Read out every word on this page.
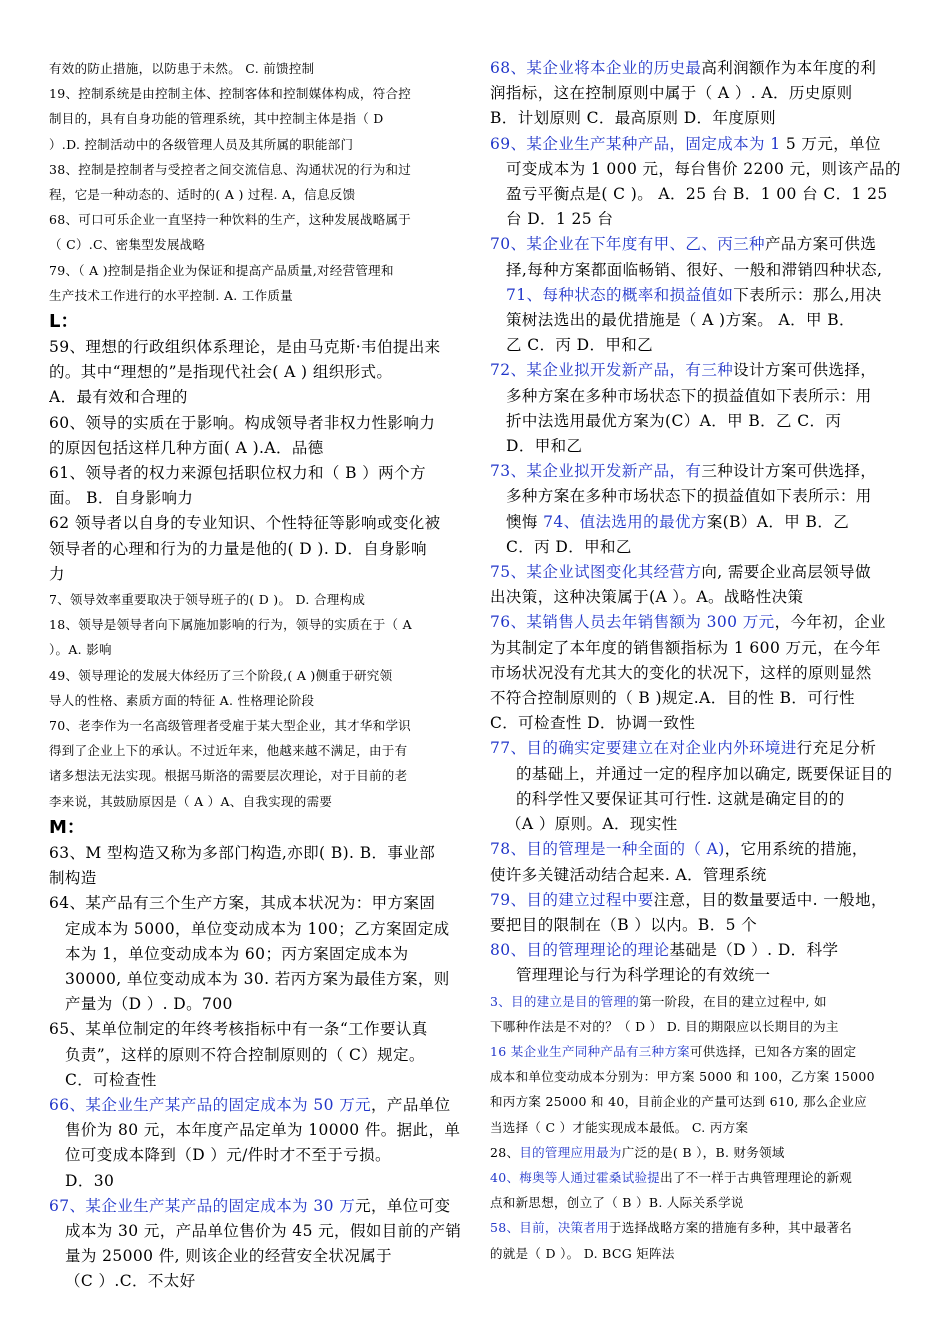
有效的防止措施，以防患于未然。 C. 前馈控制
19、控制系统是由控制主体、控制客体和控制媒体构成，符合控
制目的，具有自身功能的管理系统，其中控制主体是指（ D
）.D. 控制活动中的各级管理人员及其所属的职能部门
38、控制是控制者与受控者之间交流信息、沟通状况的行为和过
程，它是一种动态的、适时的( A ) 过程. A，信息反馈
68、可口可乐企业一直坚持一种饮料的生产，这种发展战略属于
（ C）.C、密集型发展战略
79、（ A )控制是指企业为保证和提高产品质量,对经营管理和
生产技术工作进行的水平控制. A. 工作质量
L：
59、理想的行政组织体系理论，是由马克斯·韦伯提出来
的。其中“理想的”是指现代社会( A ) 组织形式。
A．最有效和合理的
60、领导的实质在于影响。构成领导者非权力性影响力
的原因包括这样几种方面( A ).A．品德
61、领导者的权力来源包括职位权力和（ B ）两个方
面。 B．自身影响力
62 领导者以自身的专业知识、个性特征等影响或变化被
领导者的心理和行为的力量是他的( D ). D．自身影响
力
7、领导效率重要取决于领导班子的( D )。 D. 合理构成
18、领导是领导者向下属施加影响的行为，领导的实质在于（ A
）。A. 影响
49、领导理论的发展大体经历了三个阶段,( A )侧重于研究领
导人的性格、素质方面的特征 A. 性格理论阶段
70、老李作为一名高级管理者受雇于某大型企业，其才华和学识
得到了企业上下的承认。不过近年来，他越来越不满足，由于有
诸多想法无法实现。根据马斯洛的需要层次理论，对于目前的老
李来说，其鼓励原因是（ A ）A、自我实现的需要
M：
63、M 型构造又称为多部门构造,亦即( B). B．事业部
制构造
64、某产品有三个生产方案，其成本状况为：甲方案固
定成本为 5000，单位变动成本为 100；乙方案固定成
本为 1，单位变动成本为 60；丙方案固定成本为
30000, 单位变动成本为 30. 若丙方案为最佳方案，则
产量为（D ）. D。700
65、某单位制定的年终考核指标中有一条“工作要认真
负责”，这样的原则不符合控制原则的（ C）规定。
C．可检查性
66、某企业生产某产品的固定成本为 50 万元，产品单位
售价为 80 元，本年度产品定单为 10000 件。据此，单
位可变成本降到（D ）元/件时才不至于亏损。
D．30
67、某企业生产某产品的固定成本为 30 万元，单位可变
成本为 30 元，产品单位售价为 45 元，假如目前的产销
量为 25000 件, 则该企业的经营安全状况属于
（C ）.C．不太好
68、某企业将本企业的历史最高利润额作为本年度的利
润指标，这在控制原则中属于（ A ）. A．历史原则
B．计划原则 C．最高原则 D．年度原则
69、某企业生产某种产品，固定成本为 1 5 万元，单位
可变成本为 1 000 元，每台售价 2200 元，则该产品的
盈亏平衡点是( C )。 A．25 台 B．1 00 台 C．1 25
台 D．1 25 台
70、某企业在下年度有甲、乙、丙三种产品方案可供选
择,每种方案都面临畅销、很好、一般和滞销四种状态,
71、每种状态的概率和损益值如下表所示：那么,用决
策树法选出的最优措施是（ A )方案。 A．甲 B．
乙 C．丙 D．甲和乙
72、某企业拟开发新产品，有三种设计方案可供选择，
多种方案在多种市场状态下的损益值如下表所示：用
折中法选用最优方案为(C）A．甲 B．乙 C．丙
D．甲和乙
73、某企业拟开发新产品，有三种设计方案可供选择，
多种方案在多种市场状态下的损益值如下表所示：用
懊悔 74、值法选用的最优方案(B）A．甲 B．乙
C．丙 D．甲和乙
75、某企业试图变化其经营方向, 需要企业高层领导做
出决策，这种决策属于(A ）。A。战略性决策
76、某销售人员去年销售额为 300 万元，今年初，企业
为其制定了本年度的销售额指标为 1 600 万元，在今年
市场状况没有尤其大的变化的状况下，这样的原则显然
不符合控制原则的（ B )规定.A．目的性 B．可行性
C．可检查性 D．协调一致性
77、目的确实定要建立在对企业内外环境进行充足分析
的基础上，并通过一定的程序加以确定, 既要保证目的
的科学性又要保证其可行性. 这就是确定目的的
（A ）原则。A．现实性
78、目的管理是一种全面的（ A)，它用系统的措施，
使许多关键活动结合起来. A．管理系统
79、目的建立过程中要注意，目的数量要适中. 一般地，
要把目的限制在（B ）以内。B．5 个
80、目的管理理论的理论基础是（D ）. D．科学
管理理论与行为科学理论的有效统一
3、目的建立是目的管理的第一阶段，在目的建立过程中, 如
下哪种作法是不对的？（ D ） D. 目的期限应以长期目的为主
16 某企业生产同种产品有三种方案可供选择，已知各方案的固定
成本和单位变动成本分别为：甲方案 5000 和 100，乙方案 15000
和丙方案 25000 和 40，目前企业的产量可达到 610, 那么企业应
当选择（ C ）才能实现成本最低。 C. 丙方案
28、目的管理应用最为广泛的是( B ），B. 财务领域
40、梅奥等人通过霍桑试验提出了不一样于古典管理理论的新观
点和新思想，创立了（ B ）B. 人际关系学说
58、目前，决策者用于选择战略方案的措施有多种，其中最著名
的就是（ D ）。 D. BCG 矩阵法
